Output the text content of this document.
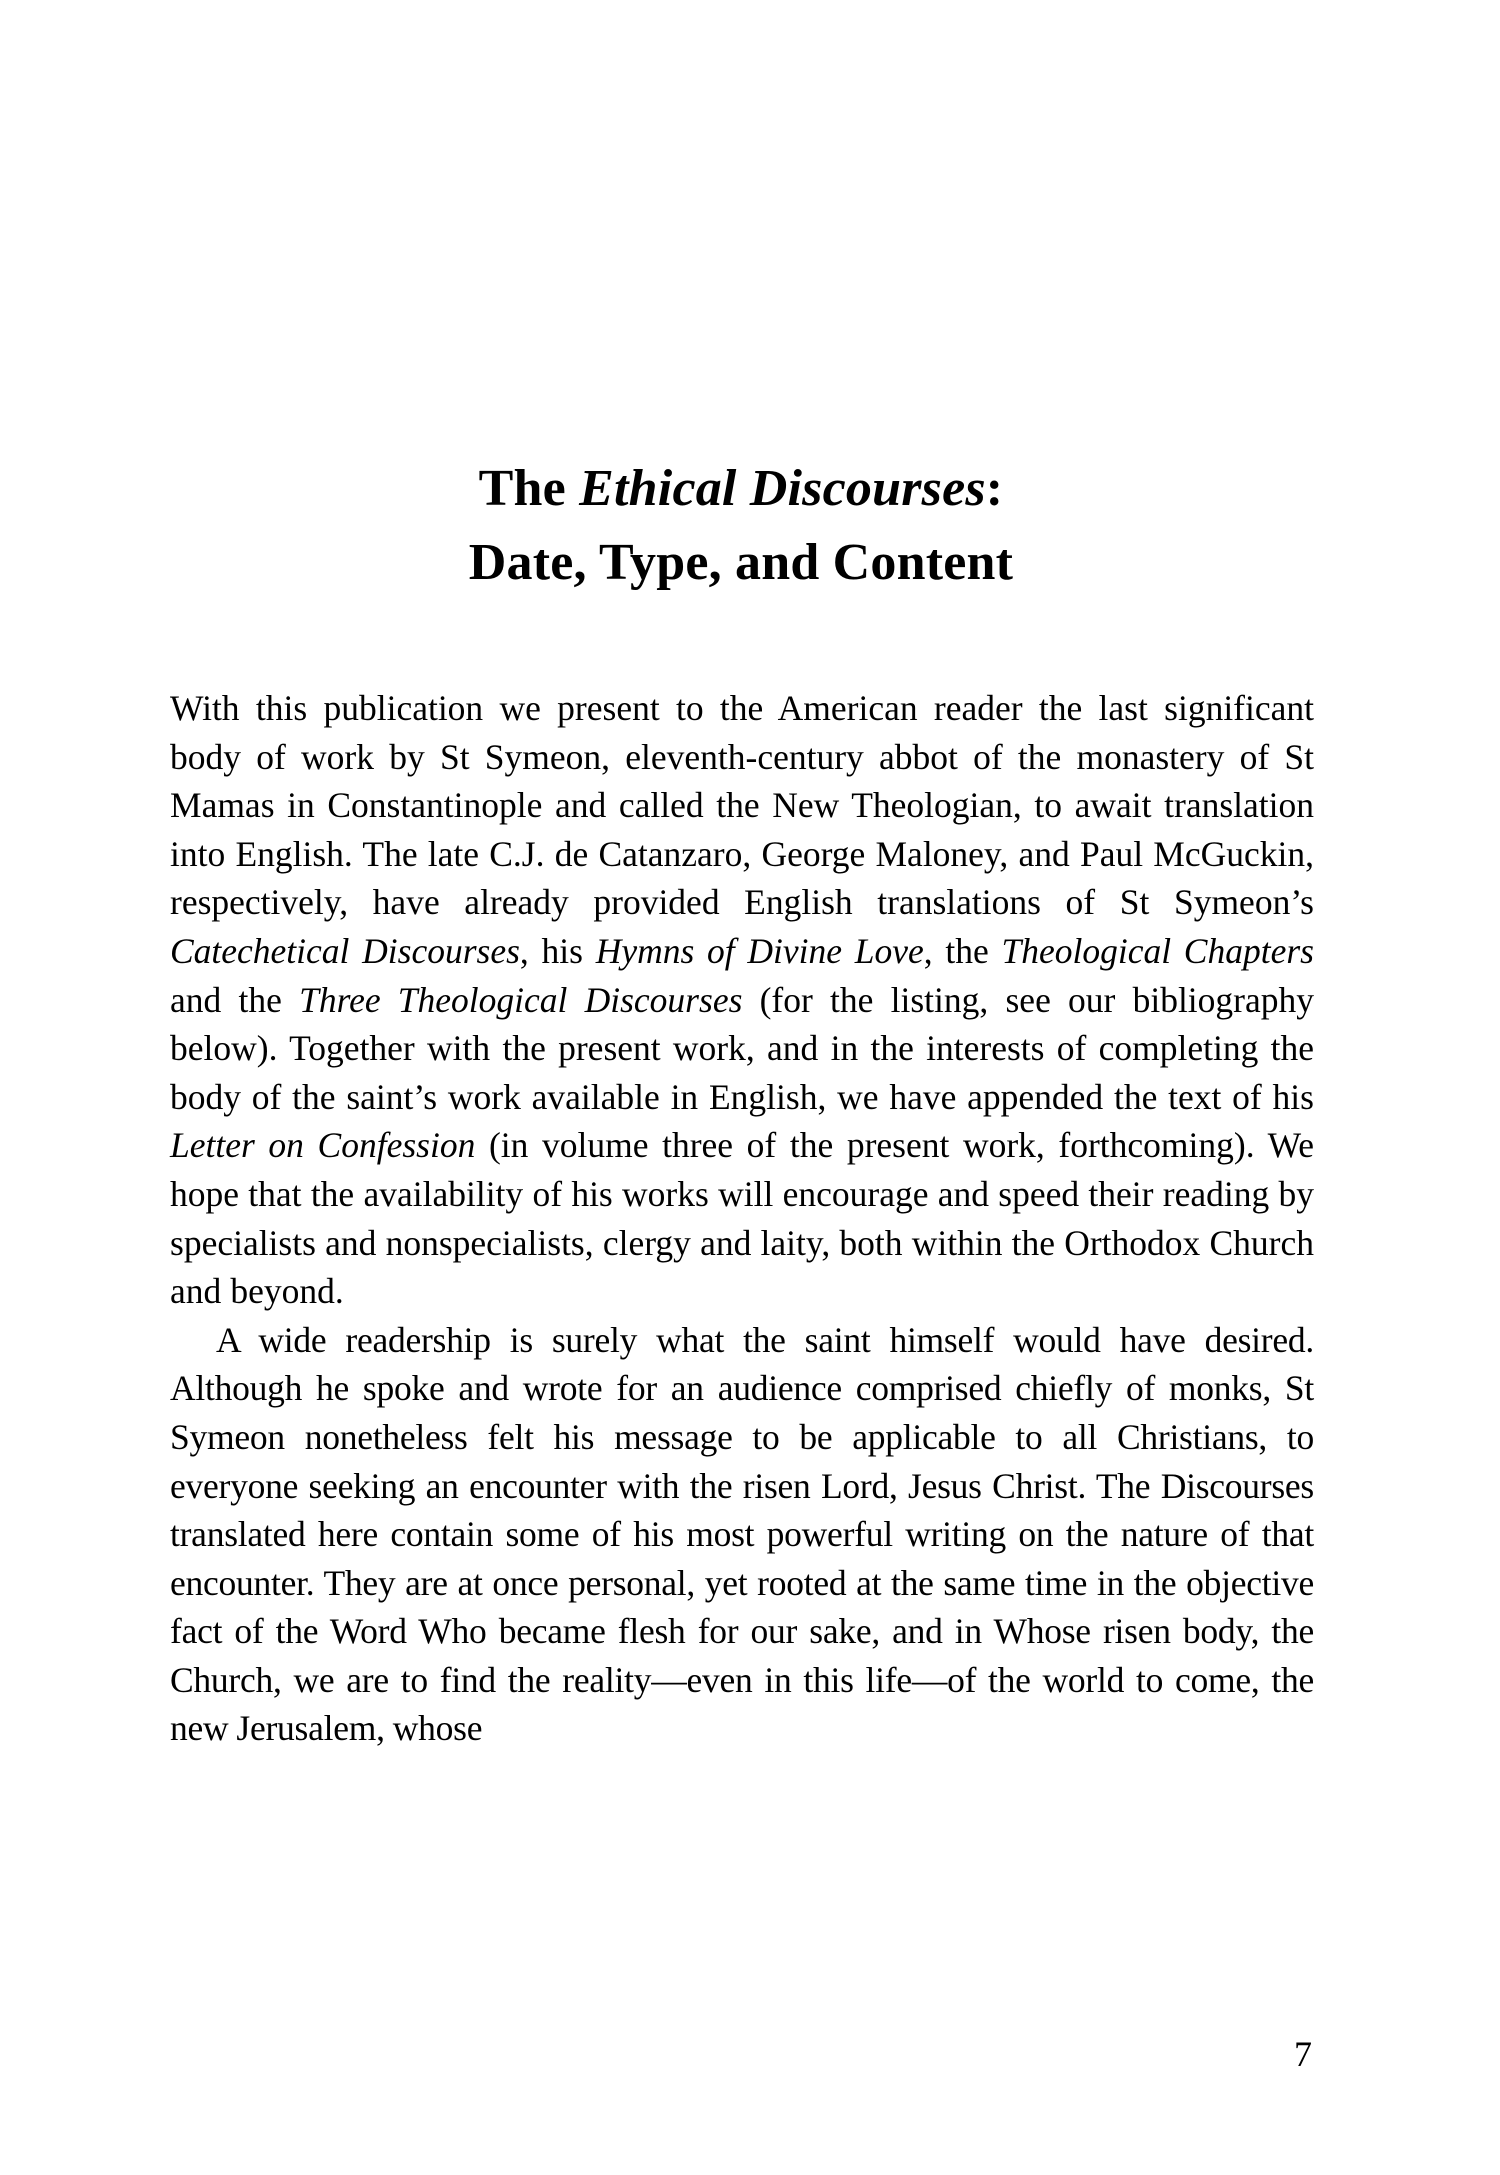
The Ethical Discourses:
Date, Type, and Content

With this publication we present to the American reader the last significant body of work by St Symeon, eleventh-century abbot of the monastery of St Mamas in Constantinople and called the New Theologian, to await translation into English. The late C.J. de Catanzaro, George Maloney, and Paul McGuckin, respectively, have already provided English translations of St Symeon’s Catechetical Discourses, his Hymns of Divine Love, the Theological Chapters and the Three Theological Discourses (for the listing, see our bibliography below). Together with the present work, and in the interests of completing the body of the saint’s work available in English, we have appended the text of his Letter on Confession (in volume three of the present work, forthcoming). We hope that the availability of his works will encourage and speed their reading by specialists and nonspecialists, clergy and laity, both within the Orthodox Church and beyond.

A wide readership is surely what the saint himself would have desired. Although he spoke and wrote for an audience comprised chiefly of monks, St Symeon nonetheless felt his message to be applicable to all Christians, to everyone seeking an encounter with the risen Lord, Jesus Christ. The Discourses translated here contain some of his most powerful writing on the nature of that encounter. They are at once personal, yet rooted at the same time in the objective fact of the Word Who became flesh for our sake, and in Whose risen body, the Church, we are to find the reality—even in this life—of the world to come, the new Jerusalem, whose

7
